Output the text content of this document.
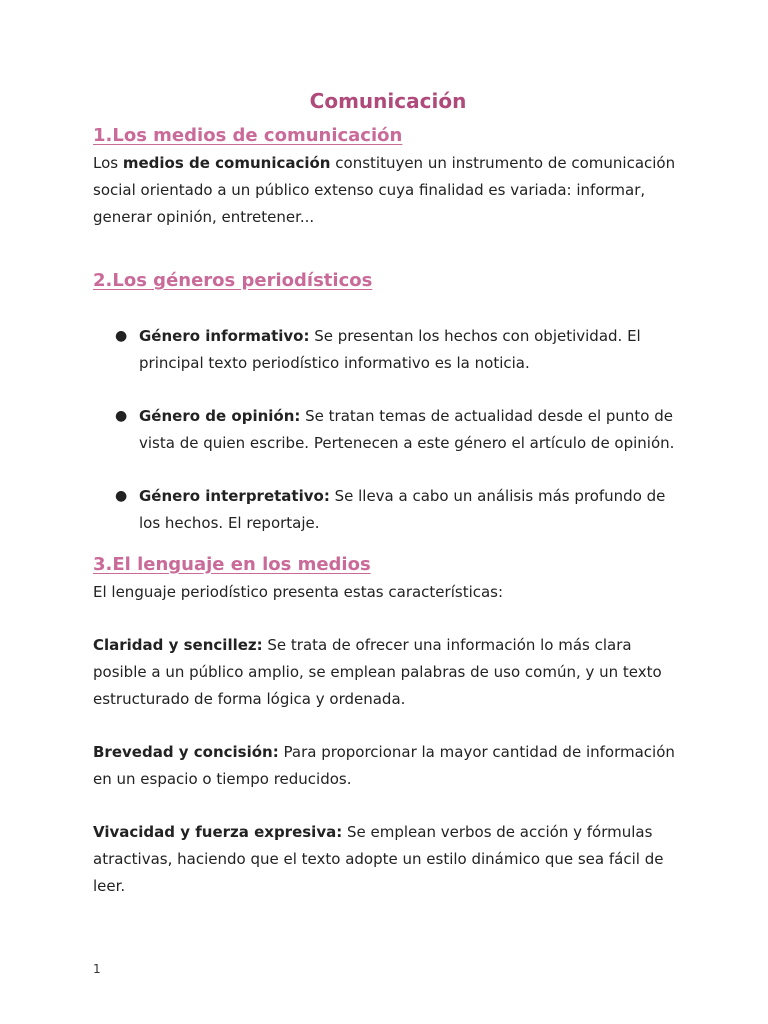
Comunicación
1.Los medios de comunicación

Los medios de comunicación constituyen un instrumento de comunicación social orientado a un público extenso cuya finalidad es variada: informar, generar opinión, entretener...

2.Los géneros periodísticos
● Género informativo: Se presentan los hechos con objetividad. El principal texto periodístico informativo es la noticia.
● Género de opinión: Se tratan temas de actualidad desde el punto de vista de quien escribe. Pertenecen a este género el artículo de opinión.
● Género interpretativo: Se lleva a cabo un análisis más profundo de los hechos. El reportaje.
3.El lenguaje en los medios

El lenguaje periodístico presenta estas características:

Claridad y sencillez: Se trata de ofrecer una información lo más clara posible a un público amplio, se emplean palabras de uso común, y un texto estructurado de forma lógica y ordenada.

Brevedad y concisión: Para proporcionar la mayor cantidad de información en un espacio o tiempo reducidos.

Vivacidad y fuerza expresiva: Se emplean verbos de acción y fórmulas atractivas, haciendo que el texto adopte un estilo dinámico que sea fácil de leer.

1
